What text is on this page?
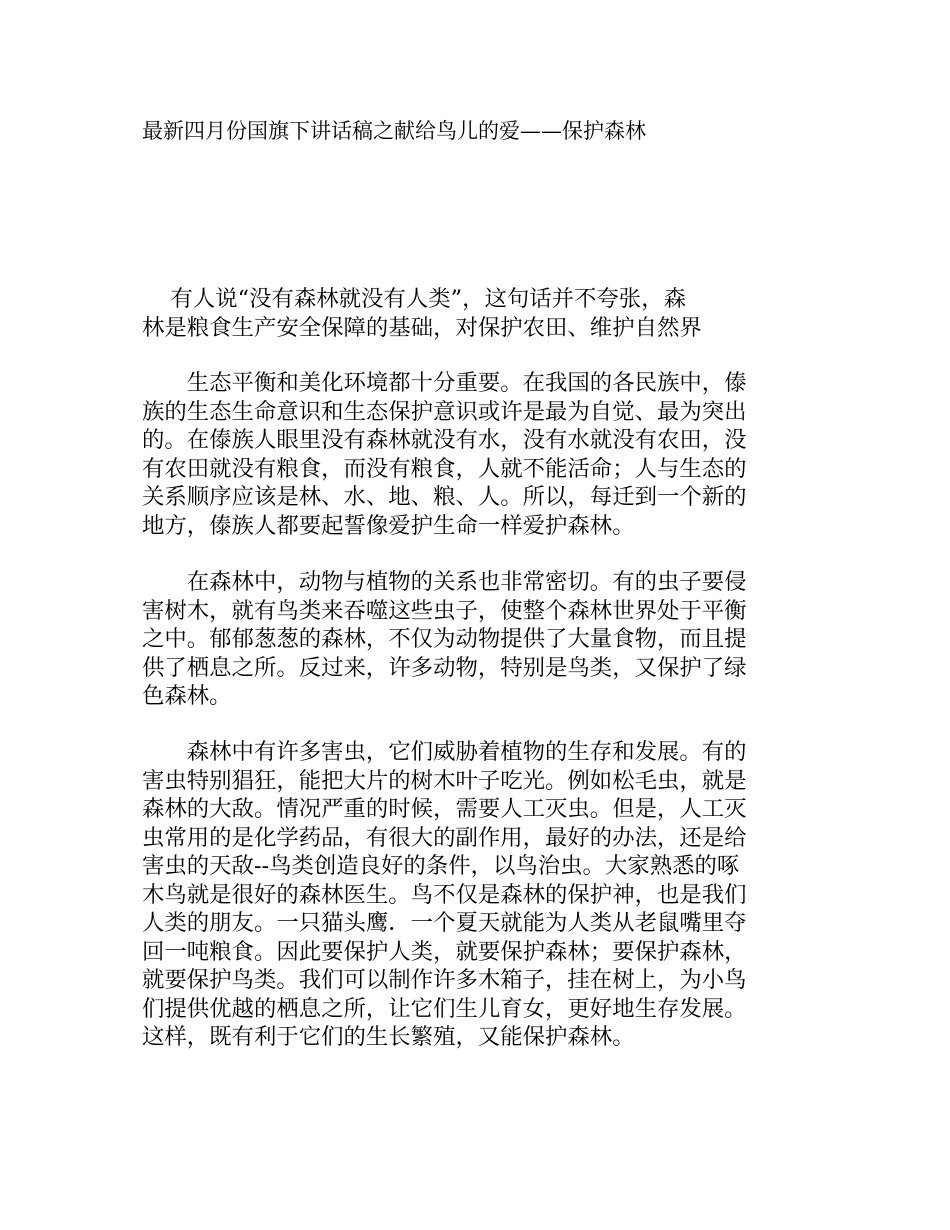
最新四月份国旗下讲话稿之献给鸟儿的爱——保护森林

有人说“没有森林就没有人类”，这句话并不夸张，森
林是粮食生产安全保障的基础，对保护农田、维护自然界

　　生态平衡和美化环境都十分重要。在我国的各民族中，傣
族的生态生命意识和生态保护意识或许是最为自觉、最为突出
的。在傣族人眼里没有森林就没有水，没有水就没有农田，没
有农田就没有粮食，而没有粮食，人就不能活命；人与生态的
关系顺序应该是林、水、地、粮、人。所以，每迁到一个新的
地方，傣族人都要起誓像爱护生命一样爱护森林。

　　在森林中，动物与植物的关系也非常密切。有的虫子要侵
害树木，就有鸟类来吞噬这些虫子，使整个森林世界处于平衡
之中。郁郁葱葱的森林，不仅为动物提供了大量食物，而且提
供了栖息之所。反过来，许多动物，特别是鸟类，又保护了绿
色森林。

　　森林中有许多害虫，它们威胁着植物的生存和发展。有的
害虫特别猖狂，能把大片的树木叶子吃光。例如松毛虫，就是
森林的大敌。情况严重的时候，需要人工灭虫。但是，人工灭
虫常用的是化学药品，有很大的副作用，最好的办法，还是给
害虫的天敌--鸟类创造良好的条件，以鸟治虫。大家熟悉的啄
木鸟就是很好的森林医生。鸟不仅是森林的保护神，也是我们
人类的朋友。一只猫头鹰．一个夏天就能为人类从老鼠嘴里夺
回一吨粮食。因此要保护人类，就要保护森林；要保护森林，
就要保护鸟类。我们可以制作许多木箱子，挂在树上，为小鸟
们提供优越的栖息之所，让它们生儿育女，更好地生存发展。
这样，既有利于它们的生长繁殖，又能保护森林。
